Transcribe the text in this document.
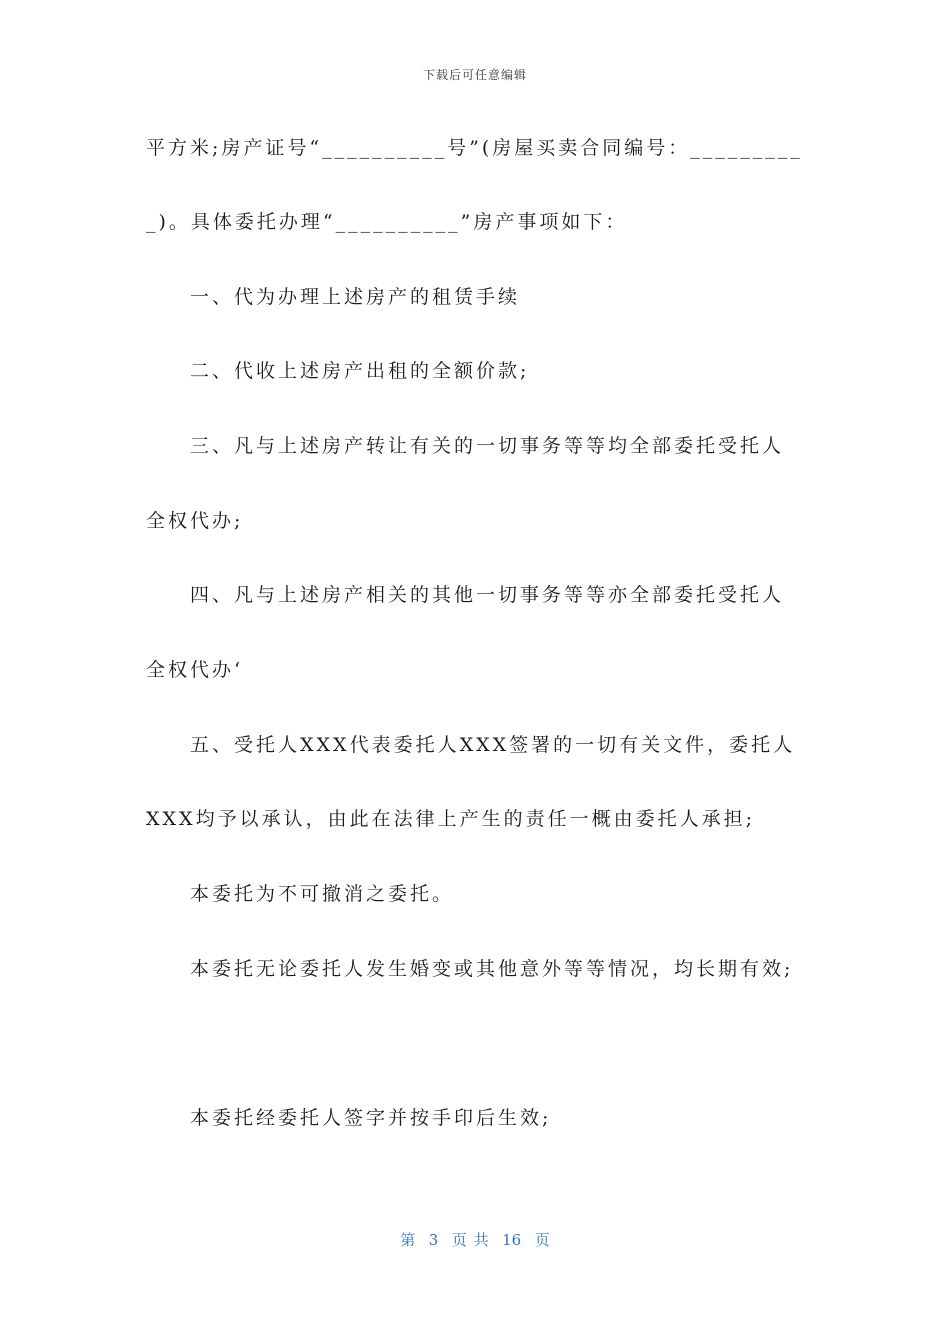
下载后可任意编辑
平方米;房产证号“__________号”(房屋买卖合同编号：_________
_)。具体委托办理“__________”房产事项如下：
一、代为办理上述房产的租赁手续
二、代收上述房产出租的全额价款;
三、凡与上述房产转让有关的一切事务等等均全部委托受托人
全权代办;
四、凡与上述房产相关的其他一切事务等等亦全部委托受托人
全权代办‘
五、受托人XXX代表委托人XXX签署的一切有关文件，委托人
XXX均予以承认，由此在法律上产生的责任一概由委托人承担;
本委托为不可撤消之委托。
本委托无论委托人发生婚变或其他意外等等情况，均长期有效;
本委托经委托人签字并按手印后生效;
第  3  页 共  16  页
